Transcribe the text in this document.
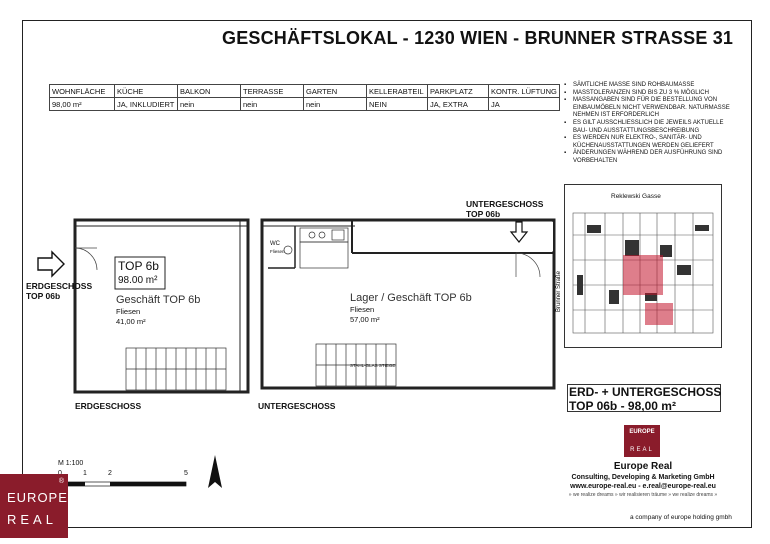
GESCHÄFTSLOKAL - 1230 WIEN - BRUNNER STRASSE 31
WOHNFLÄCHE	KÜCHE	BALKON	TERRASSE	GARTEN	KELLERABTEIL	PARKPLATZ	KONTR. LÜFTUNG
98,00 m²	JA, INKLUDIERT	nein	nein	nein	NEIN	JA, EXTRA	JA
▪ SÄMTLICHE MASSE SIND ROHBAUMASSE
▪ MASSTOLERANZEN SIND BIS ZU 3 % MÖGLICH
▪ MASSANGABEN SIND FÜR DIE BESTELLUNG VON EINBAUMÖBELN NICHT VERWENDBAR. NATURMASSE NEHMEN IST ERFORDERLICH
▪ ES GILT AUSSCHLIESSLICH DIE JEWEILS AKTUELLE BAU- UND AUSSTATTUNGSBESCHREIBUNG
▪ ES WERDEN NUR ELEKTRO-, SANITÄR- UND KÜCHENAUSSTATTUNGEN WERDEN GELIEFERT
▪ ÄNDERUNGEN WÄHREND DER AUSFÜHRUNG SIND VORBEHALTEN
Reklewski Gasse
ERDGESCHOSS
TOP 06b
TOP 6b
98.00 m²
Geschäft TOP 6b
Fliesen
41,00 m²
ERDGESCHOSS
UNTERGESCHOSS
TOP 06b
WC
Fliesen
Lager / Geschäft TOP 6b
Fliesen
57,00 m²
STAHL-GLAS STIEGE
Brunner Straße
UNTERGESCHOSS
M 1:100
1	2	5
ERD- + UNTERGESCHOSS
TOP 06b - 98,00 m²
EUROPE
REAL
Europe Real
Consulting, Developing & Marketing GmbH
www.europe-real.eu - e.real@europe-real.eu
» we realize dreams » wir realisieren träume » we realize dreams »
a company of europe holding gmbh
®
EUROPE
REAL
